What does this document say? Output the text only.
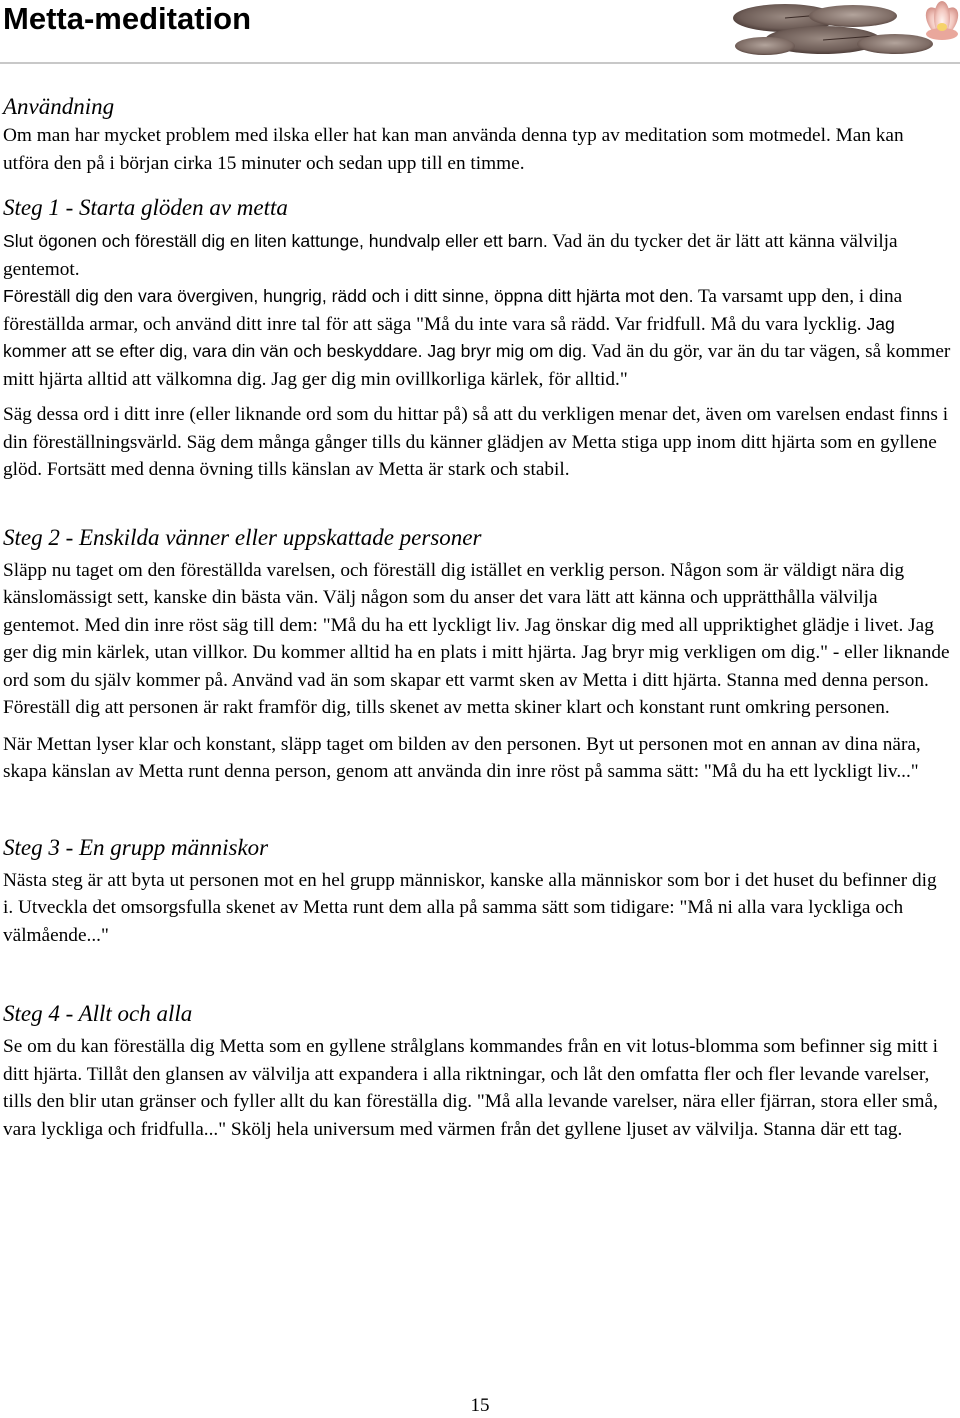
Metta-meditation
Användning

Om man har mycket problem med ilska eller hat kan man använda denna typ av meditation som motmedel. Man kan utföra den på i början cirka 15 minuter och sedan upp till en timme.

Steg 1 - Starta glöden av metta

Slut ögonen och föreställ dig en liten kattunge, hundvalp eller ett barn. Vad än du tycker det är lätt att känna välvilja gentemot.

Föreställ dig den vara övergiven, hungrig, rädd och i ditt sinne, öppna ditt hjärta mot den. Ta varsamt upp den, i dina föreställda armar, och använd ditt inre tal för att säga "Må du inte vara så rädd. Var fridfull. Må du vara lycklig. Jag kommer att se efter dig, vara din vän och beskyddare. Jag bryr mig om dig. Vad än du gör, var än du tar vägen, så kommer mitt hjärta alltid att välkomna dig. Jag ger dig min ovillkorliga kärlek, för alltid."

Säg dessa ord i ditt inre (eller liknande ord som du hittar på) så att du verkligen menar det, även om varelsen endast finns i din föreställningsvärld. Säg dem många gånger tills du känner glädjen av Metta stiga upp inom ditt hjärta som en gyllene glöd. Fortsätt med denna övning tills känslan av Metta är stark och stabil.

Steg 2 - Enskilda vänner eller uppskattade personer

Släpp nu taget om den föreställda varelsen, och föreställ dig istället en verklig person. Någon som är väldigt nära dig känslomässigt sett, kanske din bästa vän. Välj någon som du anser det vara lätt att känna och upprätthålla välvilja gentemot. Med din inre röst säg till dem: "Må du ha ett lyckligt liv. Jag önskar dig med all uppriktighet glädje i livet. Jag ger dig min kärlek, utan villkor. Du kommer alltid ha en plats i mitt hjärta. Jag bryr mig verkligen om dig." - eller liknande ord som du själv kommer på. Använd vad än som skapar ett varmt sken av Metta i ditt hjärta. Stanna med denna person. Föreställ dig att personen är rakt framför dig, tills skenet av metta skiner klart och konstant runt omkring personen.

När Mettan lyser klar och konstant, släpp taget om bilden av den personen. Byt ut personen mot en annan av dina nära, skapa känslan av Metta runt denna person, genom att använda din inre röst på samma sätt: "Må du ha ett lyckligt liv..."

Steg 3 - En grupp människor

Nästa steg är att byta ut personen mot en hel grupp människor, kanske alla människor som bor i det huset du befinner dig i. Utveckla det omsorgsfulla skenet av Metta runt dem alla på samma sätt som tidigare: "Må ni alla vara lyckliga och välmående..."

Steg 4 - Allt och alla

Se om du kan föreställa dig Metta som en gyllene strålglans kommandes från en vit lotus-blomma som befinner sig mitt i ditt hjärta. Tillåt den glansen av välvilja att expandera i alla riktningar, och låt den omfatta fler och fler levande varelser, tills den blir utan gränser och fyller allt du kan föreställa dig. "Må alla levande varelser, nära eller fjärran, stora eller små, vara lyckliga och fridfulla..." Skölj hela universum med värmen från det gyllene ljuset av välvilja. Stanna där ett tag.

15
